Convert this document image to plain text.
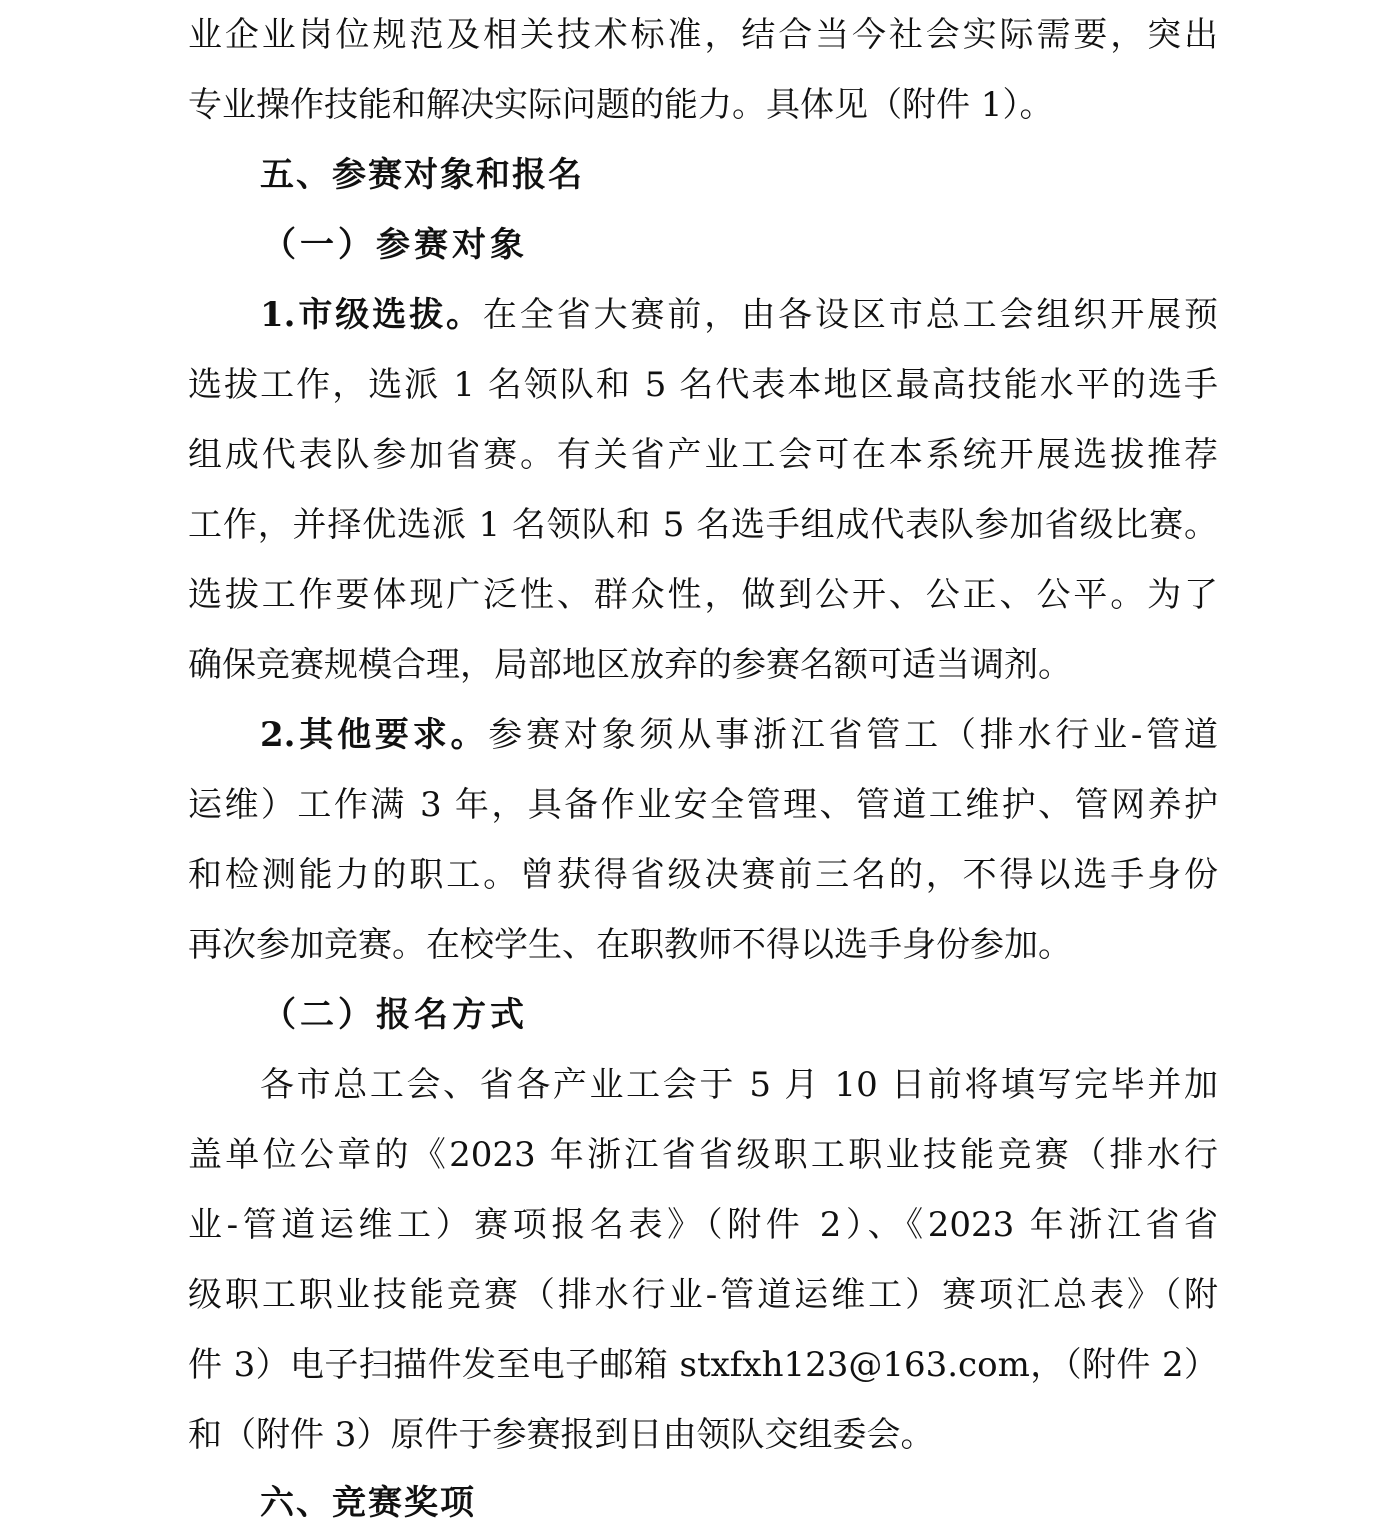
业企业岗位规范及相关技术标准，结合当今社会实际需要，突出
专业操作技能和解决实际问题的能力。具体见（附件 1）。
五、参赛对象和报名
（一）参赛对象
1.市级选拔。在全省大赛前，由各设区市总工会组织开展预
选拔工作，选派 1 名领队和 5 名代表本地区最高技能水平的选手
组成代表队参加省赛。有关省产业工会可在本系统开展选拔推荐
工作，并择优选派 1 名领队和 5 名选手组成代表队参加省级比赛。
选拔工作要体现广泛性、群众性，做到公开、公正、公平。为了
确保竞赛规模合理，局部地区放弃的参赛名额可适当调剂。
2.其他要求。参赛对象须从事浙江省管工（排水行业-管道
运维）工作满 3 年，具备作业安全管理、管道工维护、管网养护
和检测能力的职工。曾获得省级决赛前三名的，不得以选手身份
再次参加竞赛。在校学生、在职教师不得以选手身份参加。
（二）报名方式
各市总工会、省各产业工会于 5 月 10 日前将填写完毕并加
盖单位公章的《2023 年浙江省省级职工职业技能竞赛（排水行
业-管道运维工）赛项报名表》（附件 2）、《2023 年浙江省省
级职工职业技能竞赛（排水行业-管道运维工）赛项汇总表》（附
件 3）电子扫描件发至电子邮箱 stxfxh123@163.com，（附件 2）
和（附件 3）原件于参赛报到日由领队交组委会。
六、竞赛奖项
